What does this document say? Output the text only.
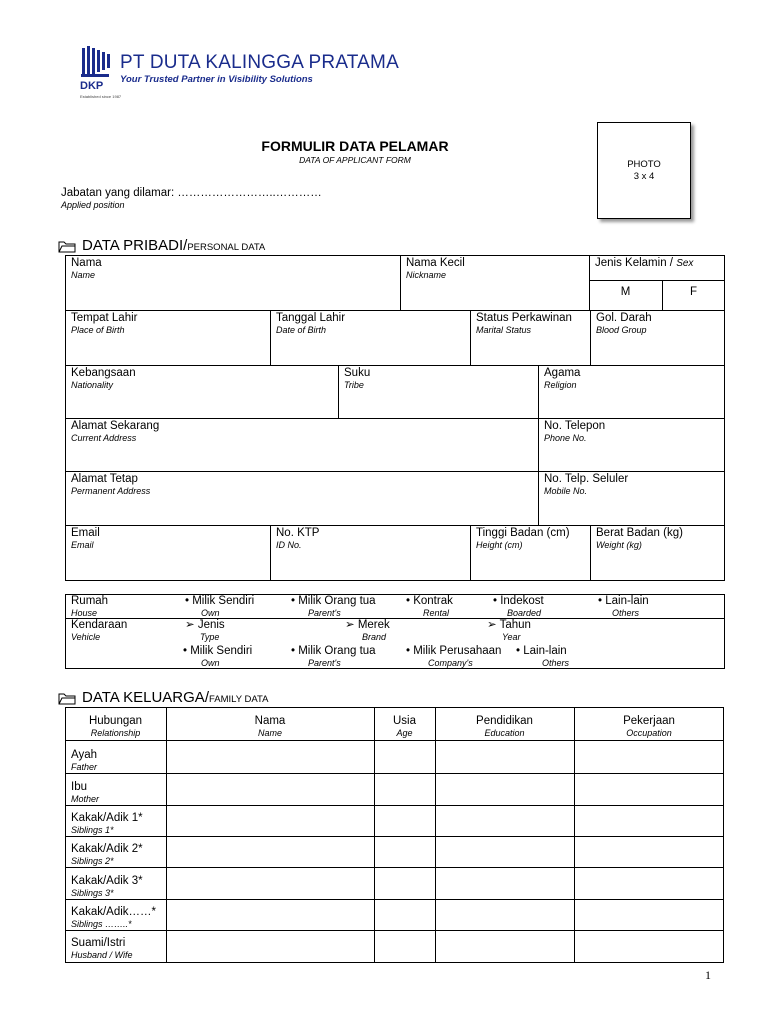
DKP
Established since 1987
PT DUTA KALINGGA PRATAMA
Your Trusted Partner in Visibility Solutions
FORMULIR DATA PELAMAR
DATA OF APPLICANT FORM	PHOTO
3 x 4
Jabatan yang dilamar: ……………………..…………
Applied position
DATA PRIBADI/PERSONAL DATA
Nama
Name
Nama Kecil
Nickname
Jenis Kelamin / Sex
M	F
Tempat Lahir
Place of Birth
Tanggal Lahir
Date of Birth
Status Perkawinan
Marital Status
Gol. Darah
Blood Group
Kebangsaan
Nationality
Suku
Tribe
Agama
Religion
Alamat Sekarang
Current Address
No. Telepon
Phone No.
Alamat Tetap
Permanent Address
No. Telp. Seluler
Mobile No.
Email
Email
No. KTP
ID No.
Tinggi Badan (cm)
Height (cm)
Berat Badan (kg)
Weight (kg)
Rumah
House
• Milik Sendiri
Own
• Milik Orang tua
Parent's
• Kontrak
Rental
• Indekost
Boarded
• Lain-lain
Others
Kendaraan
Vehicle
➢ Jenis
Type
➢ Merek
Brand
➢ Tahun
Year
• Milik Sendiri
Own
• Milik Orang tua
Parent's
• Milik Perusahaan
Company's
• Lain-lain
Others
DATA KELUARGA/FAMILY DATA
Hubungan
Relationship
Nama
Name
Usia
Age
Pendidikan
Education
Pekerjaan
Occupation
Ayah
Father
Ibu
Mother
Kakak/Adik 1*
Siblings 1*
Kakak/Adik 2*
Siblings 2*
Kakak/Adik 3*
Siblings 3*
Kakak/Adik……*
Siblings ……..*
Suami/Istri
Husband / Wife
1
